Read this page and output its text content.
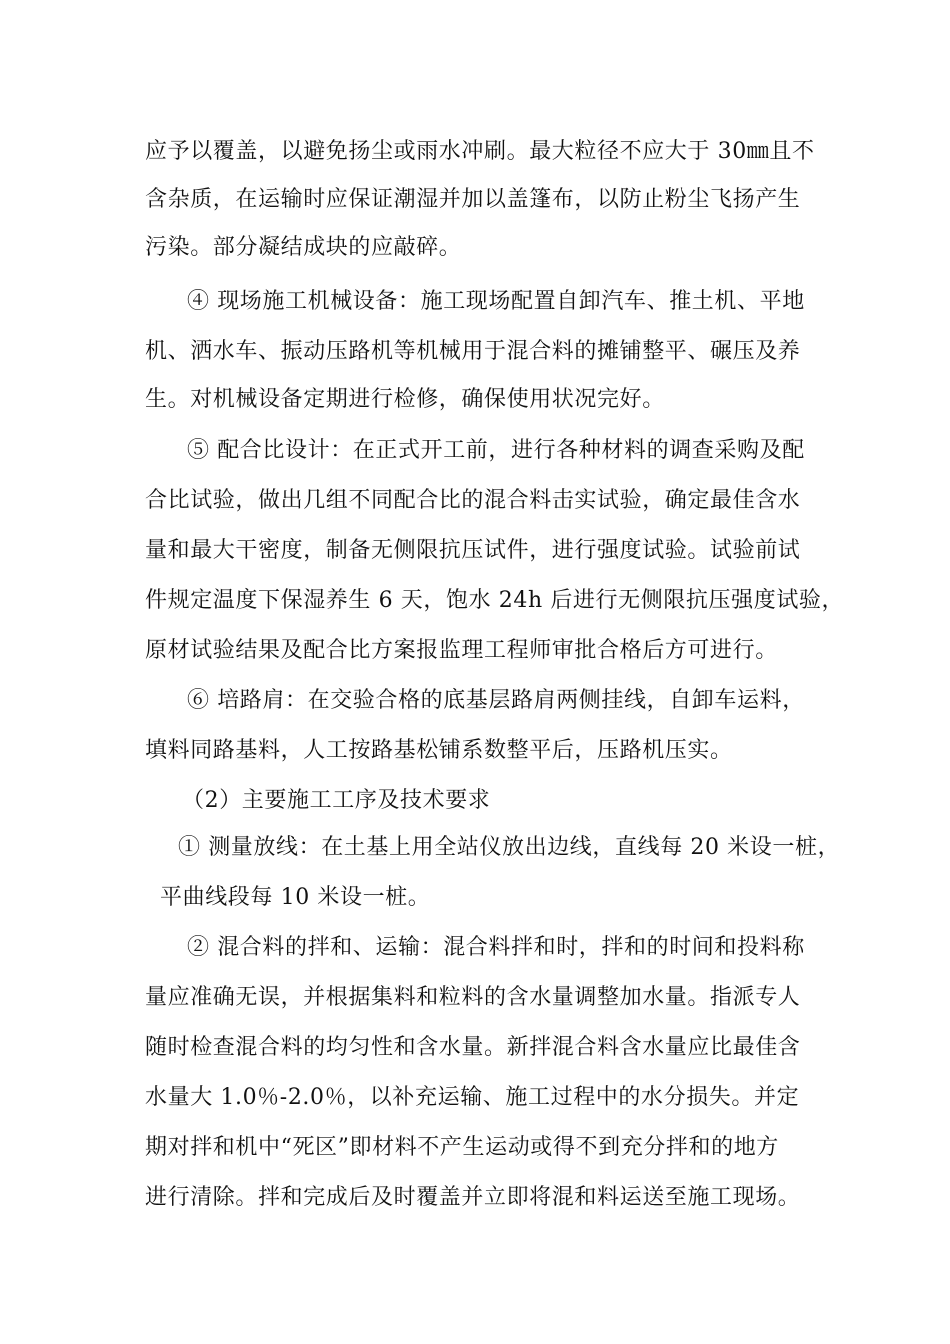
应予以覆盖，以避免扬尘或雨水冲刷。最大粒径不应大于 30㎜且不
含杂质，在运输时应保证潮湿并加以盖篷布，以防止粉尘飞扬产生
污染。部分凝结成块的应敲碎。
④ 现场施工机械设备：施工现场配置自卸汽车、推土机、平地
机、洒水车、振动压路机等机械用于混合料的摊铺整平、碾压及养
生。对机械设备定期进行检修，确保使用状况完好。
⑤ 配合比设计：在正式开工前，进行各种材料的调查采购及配
合比试验，做出几组不同配合比的混合料击实试验，确定最佳含水
量和最大干密度，制备无侧限抗压试件，进行强度试验。试验前试
件规定温度下保湿养生 6 天，饱水 24h 后进行无侧限抗压强度试验，
原材试验结果及配合比方案报监理工程师审批合格后方可进行。
⑥ 培路肩：在交验合格的底基层路肩两侧挂线，自卸车运料，
填料同路基料，人工按路基松铺系数整平后，压路机压实。
（2）主要施工工序及技术要求
① 测量放线：在土基上用全站仪放出边线，直线每 20 米设一桩，
平曲线段每 10 米设一桩。
② 混合料的拌和、运输：混合料拌和时，拌和的时间和投料称
量应准确无误，并根据集料和粒料的含水量调整加水量。指派专人
随时检查混合料的均匀性和含水量。新拌混合料含水量应比最佳含
水量大 1.0％-2.0％，以补充运输、施工过程中的水分损失。并定
期对拌和机中“死区”即材料不产生运动或得不到充分拌和的地方
进行清除。拌和完成后及时覆盖并立即将混和料运送至施工现场。
